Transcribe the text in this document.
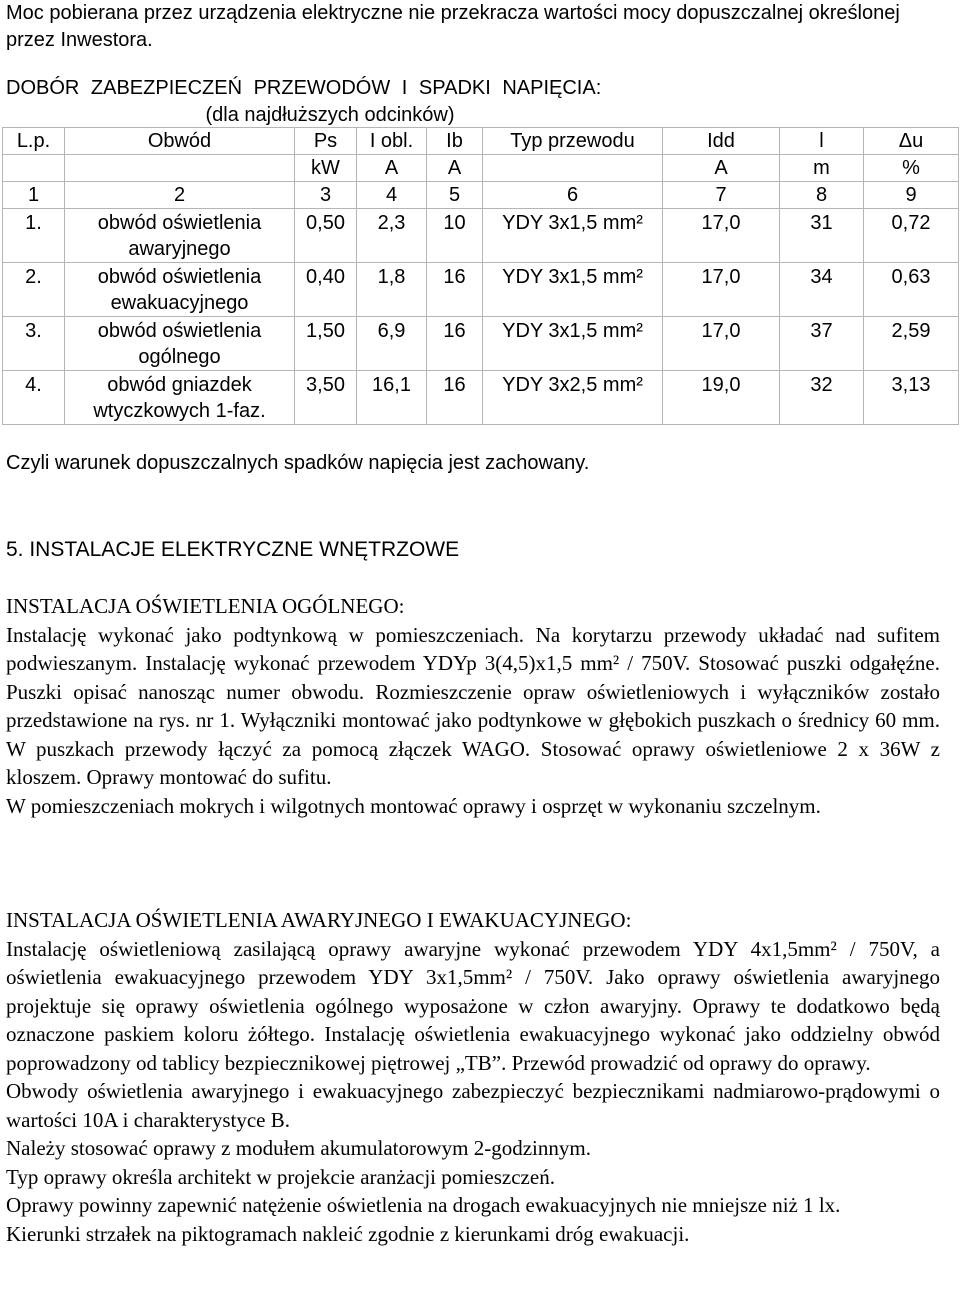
Moc pobierana przez urządzenia elektryczne nie przekracza wartości mocy dopuszczalnej określonej przez Inwestora.

DOBÓR ZABEZPIECZEŃ PRZEWODÓW I SPADKI NAPIĘCIA:

(dla najdłuższych odcinków)

L.p.	Obwód	Ps	I obl.	Ib	Typ przewodu	Idd	l	Δu
		kW	A	A		A	m	%
1	2	3	4	5	6	7	8	9
1.	obwód oświetlenia awaryjnego	0,50	2,3	10	YDY 3x1,5 mm²	17,0	31	0,72
2.	obwód oświetlenia ewakuacyjnego	0,40	1,8	16	YDY 3x1,5 mm²	17,0	34	0,63
3.	obwód oświetlenia ogólnego	1,50	6,9	16	YDY 3x1,5 mm²	17,0	37	2,59
4.	obwód gniazdek wtyczkowych 1-faz.	3,50	16,1	16	YDY 3x2,5 mm²	19,0	32	3,13

Czyli warunek dopuszczalnych spadków napięcia jest zachowany.

5. INSTALACJE ELEKTRYCZNE WNĘTRZOWE

INSTALACJA OŚWIETLENIA OGÓLNEGO:

Instalację wykonać jako podtynkową w pomieszczeniach. Na korytarzu przewody układać nad sufitem podwieszanym. Instalację wykonać przewodem YDYp 3(4,5)x1,5 mm² / 750V. Stosować puszki odgałęźne. Puszki opisać nanosząc numer obwodu. Rozmieszczenie opraw oświetleniowych i wyłączników zostało przedstawione na rys. nr 1. Wyłączniki montować jako podtynkowe w głębokich puszkach o średnicy 60 mm. W puszkach przewody łączyć za pomocą złączek WAGO. Stosować oprawy oświetleniowe 2 x 36W z kloszem. Oprawy montować do sufitu.

W pomieszczeniach mokrych i wilgotnych montować oprawy i osprzęt w wykonaniu szczelnym.

INSTALACJA OŚWIETLENIA AWARYJNEGO I EWAKUACYJNEGO:

Instalację oświetleniową zasilającą oprawy awaryjne wykonać przewodem YDY 4x1,5mm² / 750V, a oświetlenia ewakuacyjnego przewodem YDY 3x1,5mm² / 750V. Jako oprawy oświetlenia awaryjnego projektuje się oprawy oświetlenia ogólnego wyposażone w człon awaryjny. Oprawy te dodatkowo będą oznaczone paskiem koloru żółtego. Instalację oświetlenia ewakuacyjnego wykonać jako oddzielny obwód poprowadzony od tablicy bezpiecznikowej piętrowej „TB”. Przewód prowadzić od oprawy do oprawy.

Obwody oświetlenia awaryjnego i ewakuacyjnego zabezpieczyć bezpiecznikami nadmiarowo-prądowymi o wartości 10A i charakterystyce B.

Należy stosować oprawy z modułem akumulatorowym 2-godzinnym.

Typ oprawy określa architekt w projekcie aranżacji pomieszczeń.

Oprawy powinny zapewnić natężenie oświetlenia na drogach ewakuacyjnych nie mniejsze niż 1 lx.

Kierunki strzałek na piktogramach nakleić zgodnie z kierunkami dróg ewakuacji.
